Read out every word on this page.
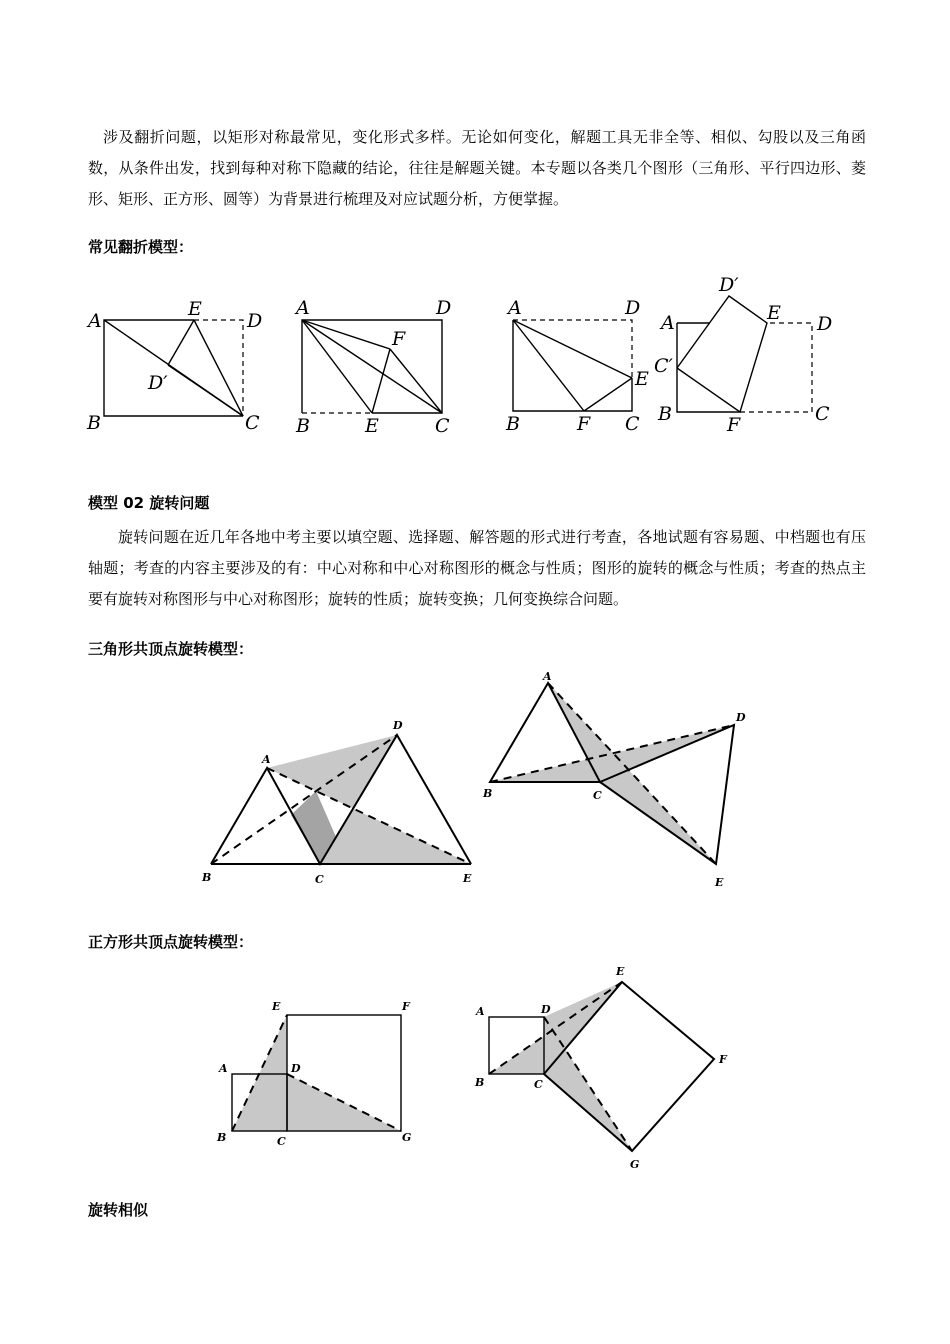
涉及翻折问题，以矩形对称最常见，变化形式多样。无论如何变化，解题工具无非全等、相似、勾股以及三角函数，从条件出发，找到每种对称下隐藏的结论，往往是解题关键。本专题以各类几个图形（三角形、平行四边形、菱形、矩形、正方形、圆等）为背景进行梳理及对应试题分析，方便掌握。

常见翻折模型：
A
E
D
D′
B	C
A	D
F
B	E	C
A	D
E
B	F C
D′
A	E D
C′
B	F	C
模型 02 旋转问题

旋转问题在近几年各地中考主要以填空题、选择题、解答题的形式进行考查，各地试题有容易题、中档题也有压轴题；考查的内容主要涉及的有：中心对称和中心对称图形的概念与性质；图形的旋转的概念与性质；考查的热点主要有旋转对称图形与中心对称图形；旋转的性质；旋转变换；几何变换综合问题。

三角形共顶点旋转模型：
A
D
B	C	E
A
D
B	C
E
正方形共顶点旋转模型：
E	F
A	D
B	C	G
E
A	D
F
B	C
G
旋转相似
